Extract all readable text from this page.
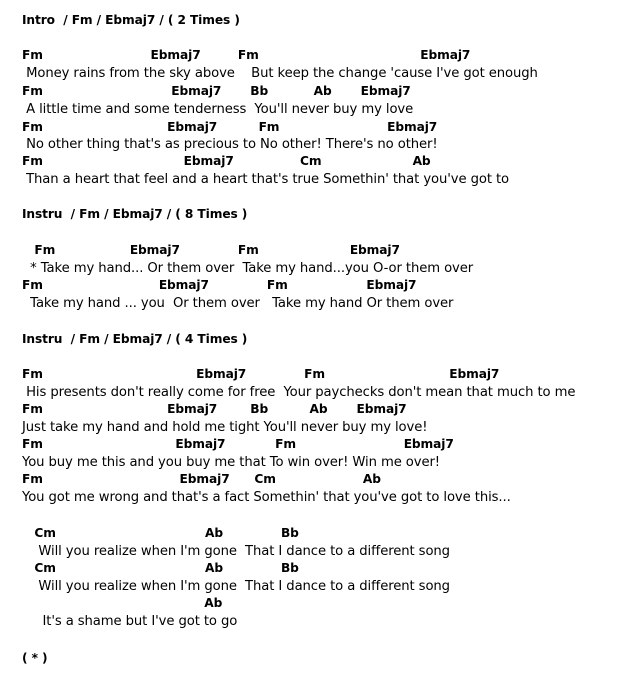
Intro  / Fm / Ebmaj7 / ( 2 Times )
Fm                          Ebmaj7         Fm                                       Ebmaj7
Money rains from the sky above    But keep the change 'cause I've got enough
Fm                               Ebmaj7       Bb           Ab       Ebmaj7
A little time and some tenderness  You'll never buy my love
Fm                              Ebmaj7          Fm                          Ebmaj7
No other thing that's as precious to No other! There's no other!
Fm                                  Ebmaj7                Cm                      Ab
Than a heart that feel and a heart that's true Somethin' that you've got to
Instru  / Fm / Ebmaj7 / ( 8 Times )
Fm                  Ebmaj7              Fm                      Ebmaj7
* Take my hand... Or them over  Take my hand...you O-or them over
Fm                            Ebmaj7              Fm                   Ebmaj7
Take my hand ... you  Or them over   Take my hand Or them over
Instru  / Fm / Ebmaj7 / ( 4 Times )
Fm                                     Ebmaj7              Fm                              Ebmaj7
His presents don't really come for free  Your paychecks don't mean that much to me
Fm                              Ebmaj7        Bb          Ab       Ebmaj7
Just take my hand and hold me tight You'll never buy my love!
Fm                                Ebmaj7            Fm                          Ebmaj7
You buy me this and you buy me that To win over! Win me over!
Fm                                 Ebmaj7      Cm                     Ab
You got me wrong and that's a fact Somethin' that you've got to love this...
Cm                                    Ab              Bb
Will you realize when I'm gone  That I dance to a different song
Cm                                    Ab              Bb
Will you realize when I'm gone  That I dance to a different song
Ab
It's a shame but I've got to go
( * )
